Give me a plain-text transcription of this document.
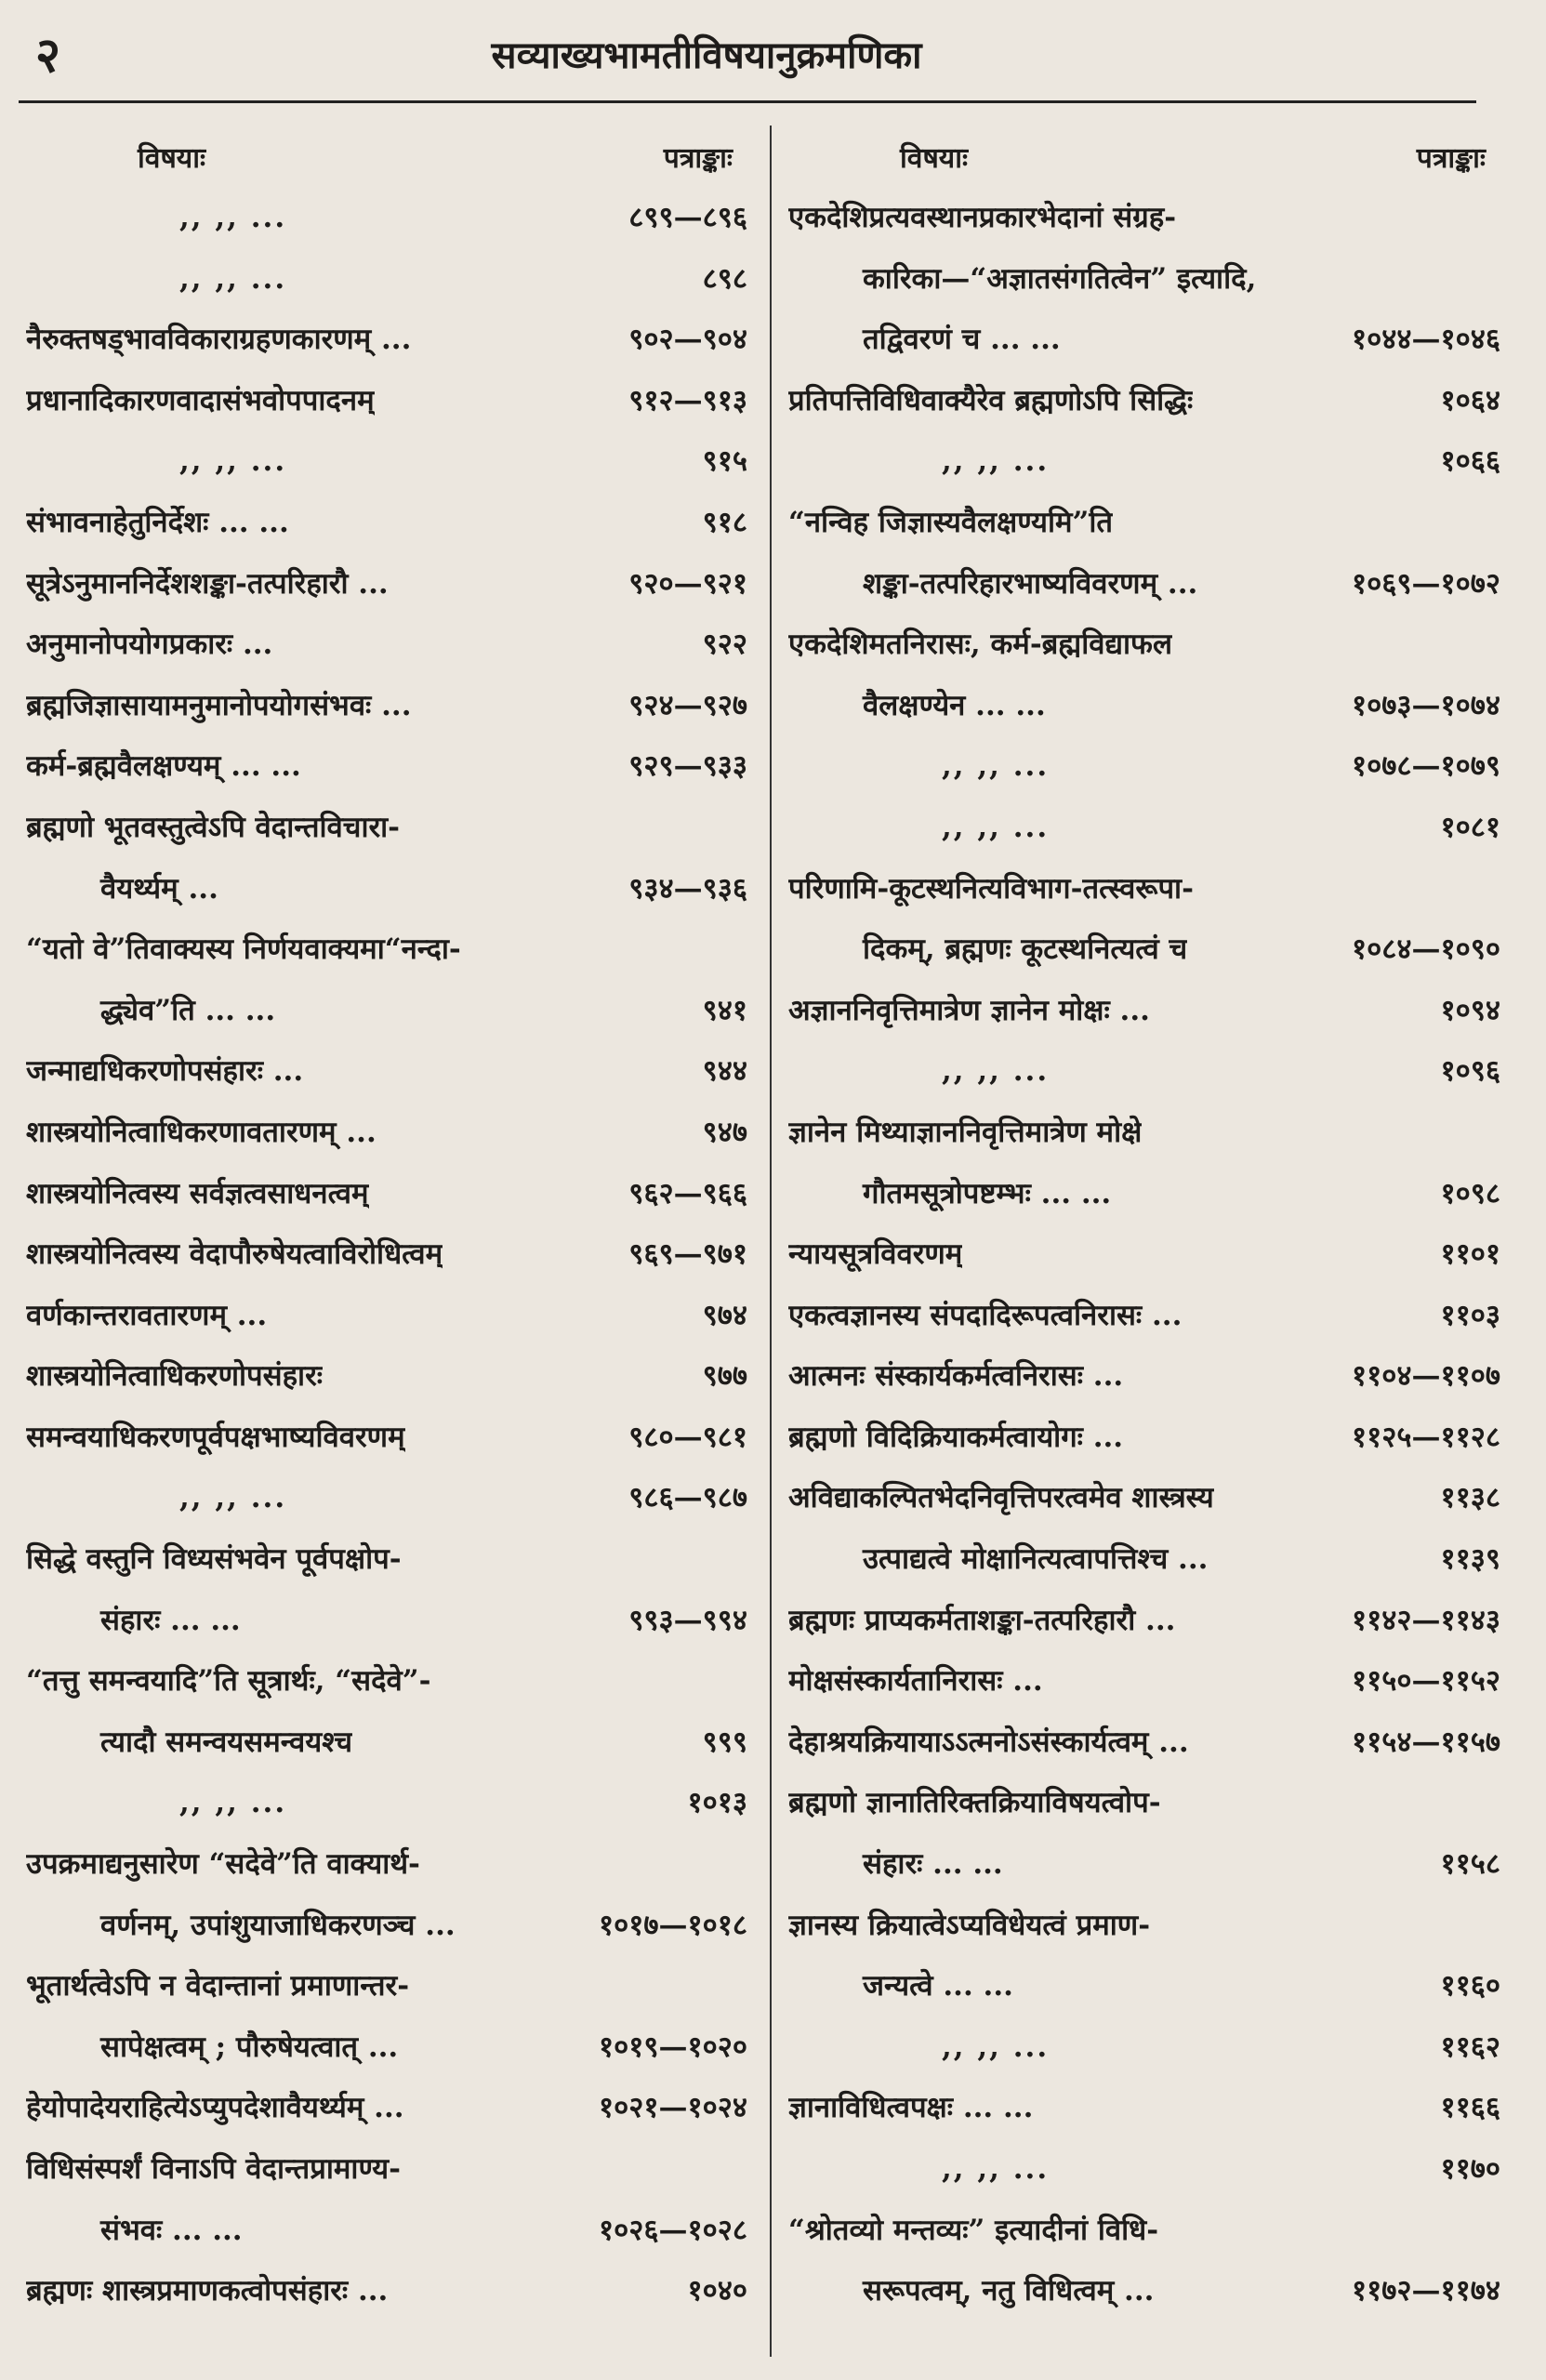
२	सव्याख्यभामतीविषयानुक्रमणिका
विषयाः	पत्राङ्काः
,, ,, ...	८९९—८९६
,, ,, ...	८९८
नैरुक्तषड्भावविकाराग्रहणकारणम् ...	९०२—९०४
प्रधानादिकारणवादासंभवोपपादनम्	९१२—९१३
,, ,, ...	९१५
संभावनाहेतुनिर्देशः ... ...	९१८
सूत्रेऽनुमाननिर्देशशङ्का-तत्परिहारौ ...	९२०—९२१
अनुमानोपयोगप्रकारः ...	९२२
ब्रह्मजिज्ञासायामनुमानोपयोगसंभवः ...	९२४—९२७
कर्म-ब्रह्मवैलक्षण्यम् ... ...	९२९—९३३
ब्रह्मणो भूतवस्तुत्वेऽपि वेदान्तविचारा-
वैयर्थ्यम् ...	९३४—९३६
“यतो वे”तिवाक्यस्य निर्णयवाक्यमा“नन्दा-
द्ध्येव”ति ... ...	९४१
जन्माद्यधिकरणोपसंहारः ...	९४४
शास्त्रयोनित्वाधिकरणावतारणम् ...	९४७
शास्त्रयोनित्वस्य सर्वज्ञत्वसाधनत्वम्	९६२—९६६
शास्त्रयोनित्वस्य वेदापौरुषेयत्वाविरोधित्वम्	९६९—९७१
वर्णकान्तरावतारणम् ...	९७४
शास्त्रयोनित्वाधिकरणोपसंहारः	९७७
समन्वयाधिकरणपूर्वपक्षभाष्यविवरणम्	९८०—९८१
,, ,, ...	९८६—९८७
सिद्धे वस्तुनि विध्यसंभवेन पूर्वपक्षोप-
संहारः ... ...	९९३—९९४
“तत्तु समन्वयादि”ति सूत्रार्थः, “सदेवे”-
त्यादौ समन्वयसमन्वयश्च	९९९
,, ,, ...	१०१३
उपक्रमाद्यनुसारेण “सदेवे”ति वाक्यार्थ-
वर्णनम्, उपांशुयाजाधिकरणञ्च ...	१०१७—१०१८
भूतार्थत्वेऽपि न वेदान्तानां प्रमाणान्तर-
सापेक्षत्वम् ; पौरुषेयत्वात् ...	१०१९—१०२०
हेयोपादेयराहित्येऽप्युपदेशावैयर्थ्यम् ...	१०२१—१०२४
विधिसंस्पर्शं विनाऽपि वेदान्तप्रामाण्य-
संभवः ... ...	१०२६—१०२८
ब्रह्मणः शास्त्रप्रमाणकत्वोपसंहारः ...	१०४०
विषयाः	पत्राङ्काः
एकदेशिप्रत्यवस्थानप्रकारभेदानां संग्रह-
कारिका—“अज्ञातसंगतित्वेन” इत्यादि,
तद्विवरणं च ... ...	१०४४—१०४६
प्रतिपत्तिविधिवाक्यैरेव ब्रह्मणोऽपि सिद्धिः	१०६४
,, ,, ...	१०६६
“नन्विह जिज्ञास्यवैलक्षण्यमि”ति
शङ्का-तत्परिहारभाष्यविवरणम् ...	१०६९—१०७२
एकदेशिमतनिरासः, कर्म-ब्रह्मविद्याफल
वैलक्षण्येन ... ...	१०७३—१०७४
,, ,, ...	१०७८—१०७९
,, ,, ...	१०८१
परिणामि-कूटस्थनित्यविभाग-तत्स्वरूपा-
दिकम्, ब्रह्मणः कूटस्थनित्यत्वं च	१०८४—१०९०
अज्ञाननिवृत्तिमात्रेण ज्ञानेन मोक्षः ...	१०९४
,, ,, ...	१०९६
ज्ञानेन मिथ्याज्ञाननिवृत्तिमात्रेण मोक्षे
गौतमसूत्रोपष्टम्भः ... ...	१०९८
न्यायसूत्रविवरणम्	११०१
एकत्वज्ञानस्य संपदादिरूपत्वनिरासः ...	११०३
आत्मनः संस्कार्यकर्मत्वनिरासः ...	११०४—११०७
ब्रह्मणो विदिक्रियाकर्मत्वायोगः ...	११२५—११२८
अविद्याकल्पितभेदनिवृत्तिपरत्वमेव शास्त्रस्य	११३८
उत्पाद्यत्वे मोक्षानित्यत्वापत्तिश्च ...	११३९
ब्रह्मणः प्राप्यकर्मताशङ्का-तत्परिहारौ ...	११४२—११४३
मोक्षसंस्कार्यतानिरासः ...	११५०—११५२
देहाश्रयक्रियायाऽऽत्मनोऽसंस्कार्यत्वम् ...	११५४—११५७
ब्रह्मणो ज्ञानातिरिक्तक्रियाविषयत्वोप-
संहारः ... ...	११५८
ज्ञानस्य क्रियात्वेऽप्यविधेयत्वं प्रमाण-
जन्यत्वे ... ...	११६०
,, ,, ...	११६२
ज्ञानाविधित्वपक्षः ... ...	११६६
,, ,, ...	११७०
“श्रोतव्यो मन्तव्यः” इत्यादीनां विधि-
सरूपत्वम्, नतु विधित्वम् ...	११७२—११७४
